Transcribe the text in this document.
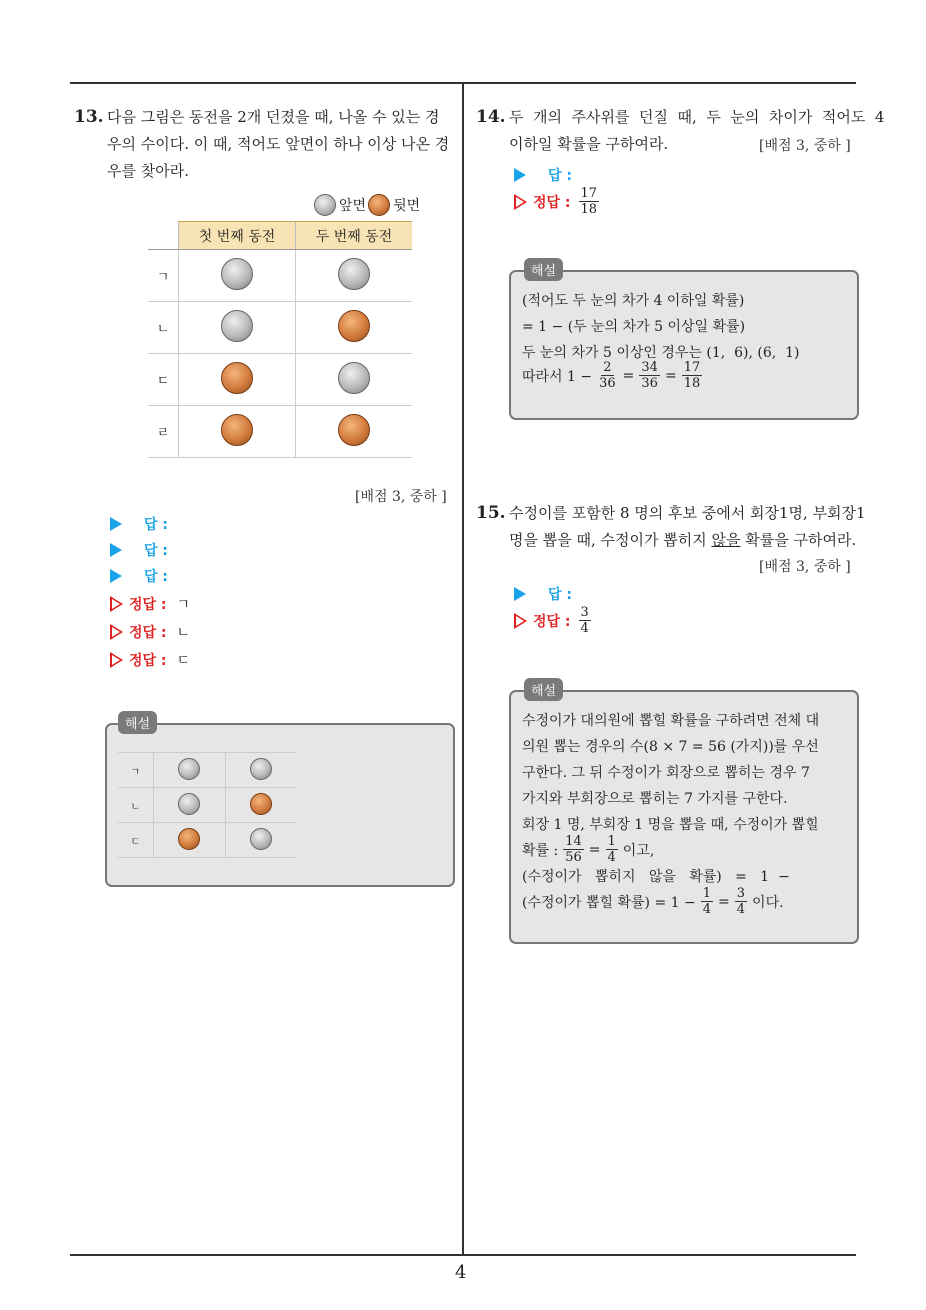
4
13. 다음 그림은 동전을 2개 던졌을 때, 나올 수 있는 경
우의 수이다. 이 때, 적어도 앞면이 하나 이상 나온 경
우를 찾아라.
앞면 뒷면
	첫 번째 동전	두 번째 동전
ㄱ		
ㄴ		
ㄷ		
ㄹ		
[배점 3, 중하 ]
답 :
답 :
답 :
정답 : ㄱ
정답 : ㄴ
정답 : ㄷ
해설
ㄱ		
ㄴ		
ㄷ		
14. 두  개의  주사위를  던질  때,  두  눈의  차이가  적어도  4
이하일 확률을 구하여라.	[배점 3, 중하 ]
답 :
정답 : $\frac{17}{18}$
해설
(적어도 두 눈의 차가 4 이하일 확률)
= 1 − (두 눈의 차가 5 이상일 확률)
두 눈의 차가 5 이상인 경우는 (1,  6), (6,  1)
따라서 $1 - \frac{2}{36} = \frac{34}{36} = \frac{17}{18}$
15. 수정이를 포함한 8 명의 후보 중에서 회장1명, 부회장1
명을 뽑을 때, 수정이가 뽑히지 않을 확률을 구하여라.
[배점 3, 중하 ]
답 :
정답 : $\frac{3}{4}$
해설
수정이가 대의원에 뽑힐 확률을 구하려면 전체 대
의원 뽑는 경우의 수(8 × 7 = 56 (가지))를 우선
구한다. 그 뒤 수정이가 회장으로 뽑히는 경우 7
가지와 부회장으로 뽑히는 7 가지를 구한다.
회장 1 명, 부회장 1 명을 뽑을 때, 수정이가 뽑힐
확률 : $\frac{14}{56} = \frac{1}{4}$ 이고,
(수정이가   뽑히지   않을   확률)   =   1  −
(수정이가 뽑힐 확률) = $1 - \frac{1}{4} = \frac{3}{4}$ 이다.
